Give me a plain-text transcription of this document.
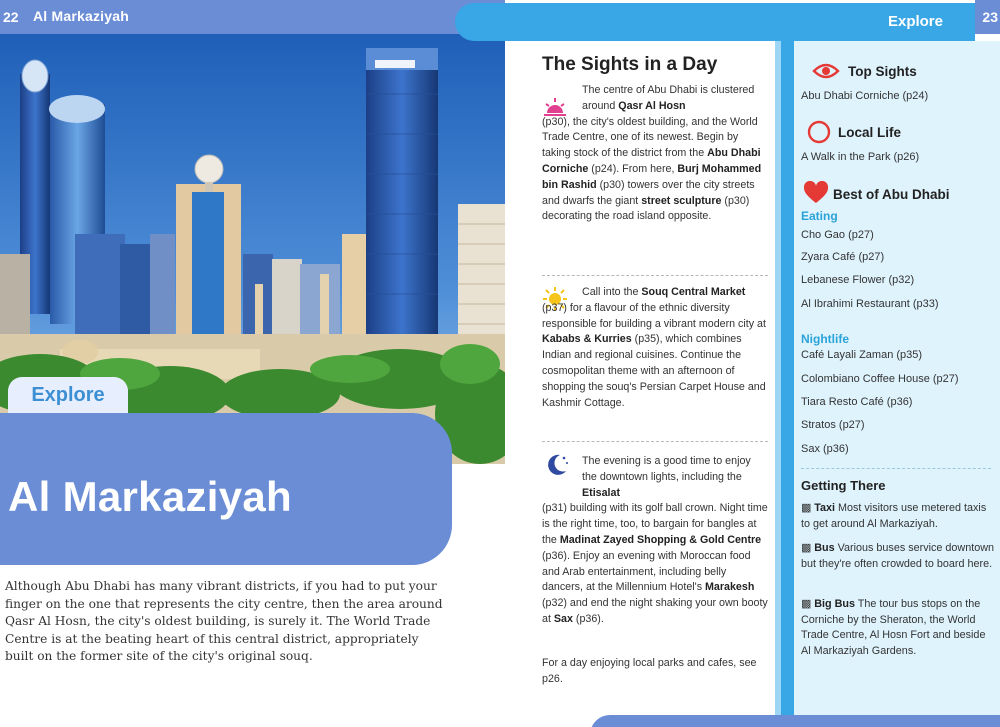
22 Al Markaziyah
Explore
Al Markaziyah

Although Abu Dhabi has many vibrant districts, if you had to put your finger on the one that represents the city centre, then the area around Qasr Al Hosn, the city's oldest building, is surely it. The World Trade Centre is at the beating heart of this central district, appropriately built on the former site of the city's original souq.

Explore	23
The Sights in a Day
The centre of Abu Dhabi is clustered around Qasr Al Hosn
(p30), the city's oldest building, and the World Trade Centre, one of its newest. Begin by taking stock of the district from the Abu Dhabi Corniche (p24). From here, Burj Mohammed bin Rashid (p30) towers over the city streets and dwarfs the giant street sculpture (p30) decorating the road island opposite.
Call into the Souq Central Market
(p37) for a flavour of the ethnic diversity responsible for building a vibrant modern city at Kababs & Kurries (p35), which combines Indian and regional cuisines. Continue the cosmopolitan theme with an afternoon of shopping the souq's Persian Carpet House and Kashmir Cottage.
The evening is a good time to enjoy the downtown lights, including the Etisalat
(p31) building with its golf ball crown. Night time is the right time, too, to bargain for bangles at the Madinat Zayed Shopping & Gold Centre (p36). Enjoy an evening with Moroccan food and Arab entertainment, including belly dancers, at the Millennium Hotel's Marakesh (p32) and end the night shaking your own booty at Sax (p36).
For a day enjoying local parks and cafes, see p26.
Top Sights
Abu Dhabi Corniche (p24)
Local Life
A Walk in the Park (p26)
Best of Abu Dhabi
Eating
Cho Gao (p27)
Zyara Café (p27)
Lebanese Flower (p32)
Al Ibrahimi Restaurant (p33)
Nightlife
Café Layali Zaman (p35)
Colombiano Coffee House (p27)
Tiara Resto Café (p36)
Stratos (p27)
Sax (p36)
Getting There
▩ Taxi Most visitors use metered taxis to get around Al Markaziyah.
▩ Bus Various buses service downtown but they're often crowded to board here.
▩ Big Bus The tour bus stops on the Corniche by the Sheraton, the World Trade Centre, Al Hosn Fort and beside Al Markaziyah Gardens.
